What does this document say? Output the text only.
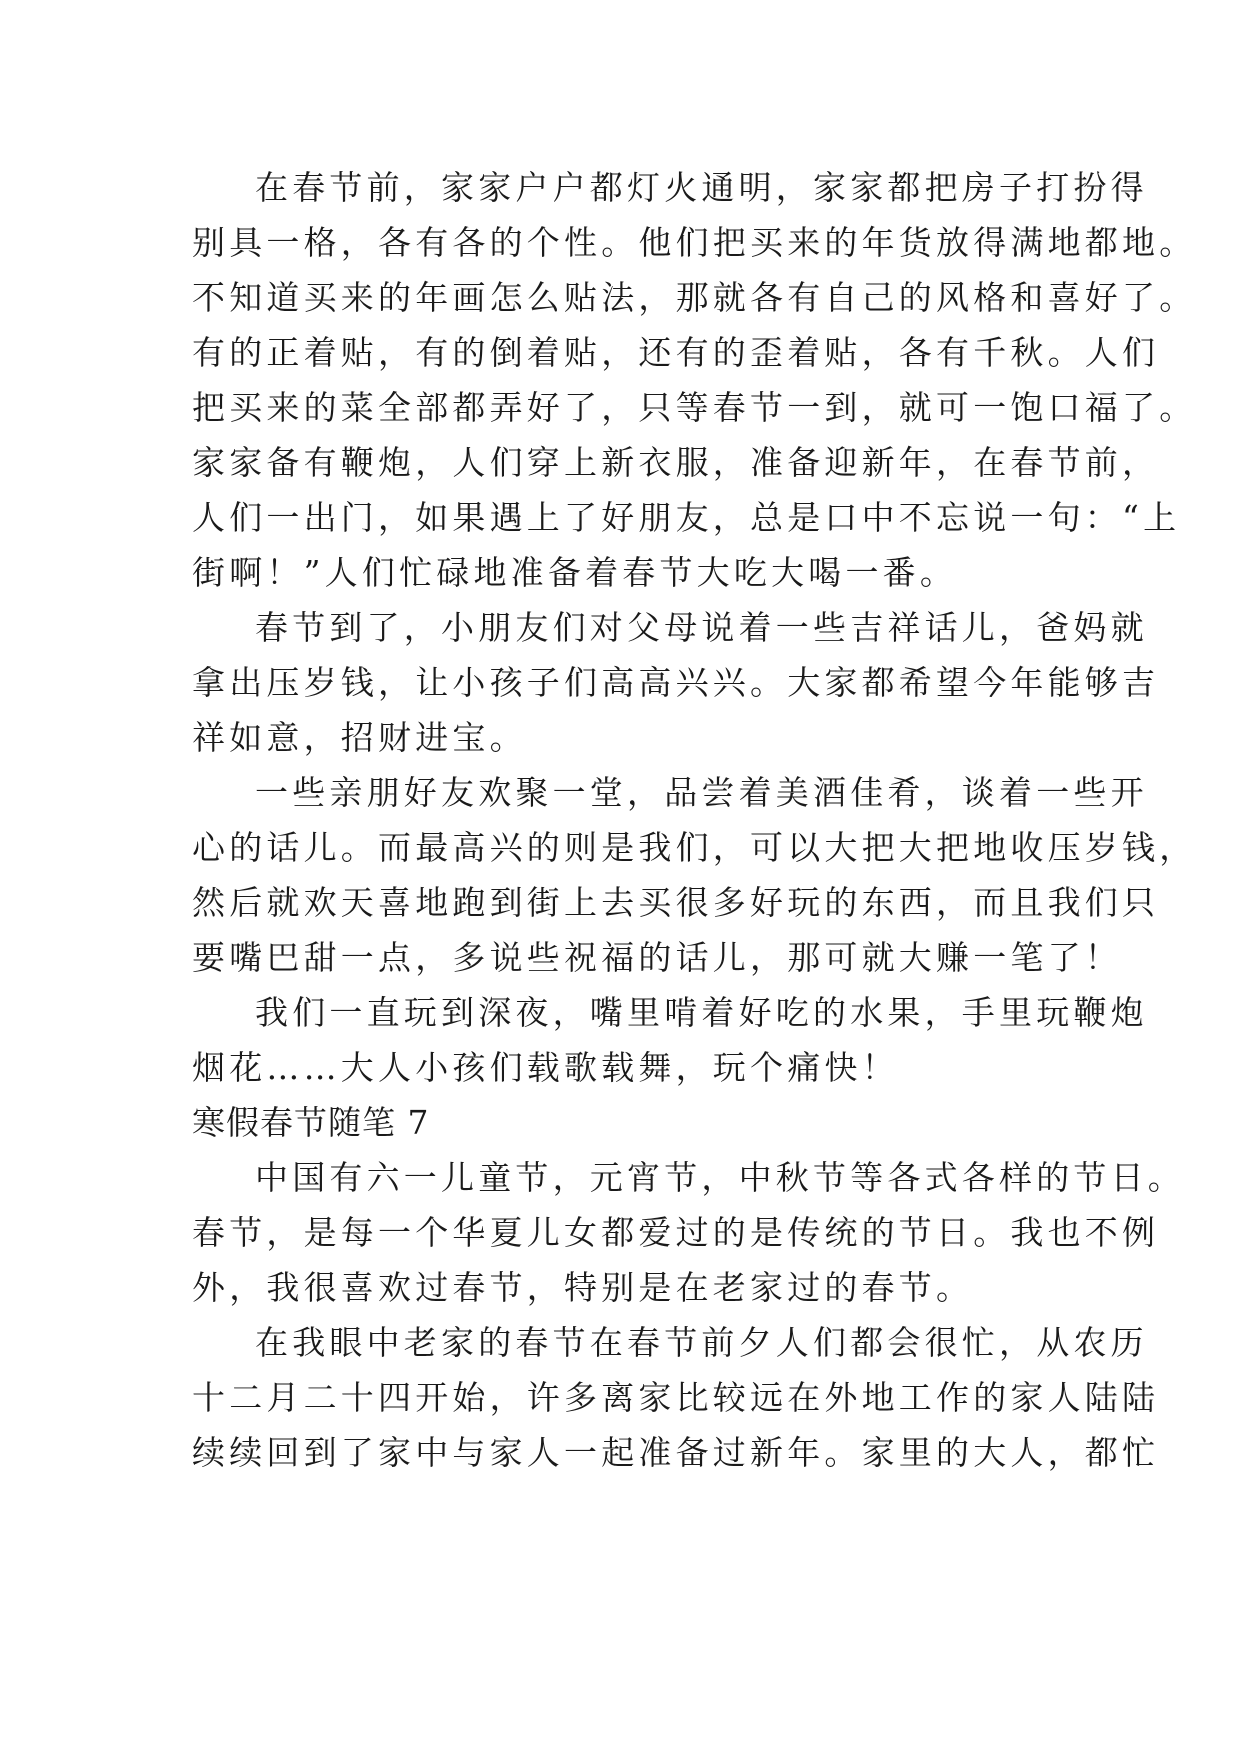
在春节前，家家户户都灯火通明，家家都把房子打扮得
别具一格，各有各的个性。他们把买来的年货放得满地都地。
不知道买来的年画怎么贴法，那就各有自己的风格和喜好了。
有的正着贴，有的倒着贴，还有的歪着贴，各有千秋。人们
把买来的菜全部都弄好了，只等春节一到，就可一饱口福了。
家家备有鞭炮，人们穿上新衣服，准备迎新年，在春节前，
人们一出门，如果遇上了好朋友，总是口中不忘说一句：“上
街啊！”人们忙碌地准备着春节大吃大喝一番。
春节到了，小朋友们对父母说着一些吉祥话儿，爸妈就
拿出压岁钱，让小孩子们高高兴兴。大家都希望今年能够吉
祥如意，招财进宝。
一些亲朋好友欢聚一堂，品尝着美酒佳肴，谈着一些开
心的话儿。而最高兴的则是我们，可以大把大把地收压岁钱，
然后就欢天喜地跑到街上去买很多好玩的东西，而且我们只
要嘴巴甜一点，多说些祝福的话儿，那可就大赚一笔了！
我们一直玩到深夜，嘴里啃着好吃的水果，手里玩鞭炮
烟花……大人小孩们载歌载舞，玩个痛快！
寒假春节随笔 7
中国有六一儿童节，元宵节，中秋节等各式各样的节日。
春节，是每一个华夏儿女都爱过的是传统的节日。我也不例
外，我很喜欢过春节，特别是在老家过的春节。
在我眼中老家的春节在春节前夕人们都会很忙，从农历
十二月二十四开始，许多离家比较远在外地工作的家人陆陆
续续回到了家中与家人一起准备过新年。家里的大人，都忙
